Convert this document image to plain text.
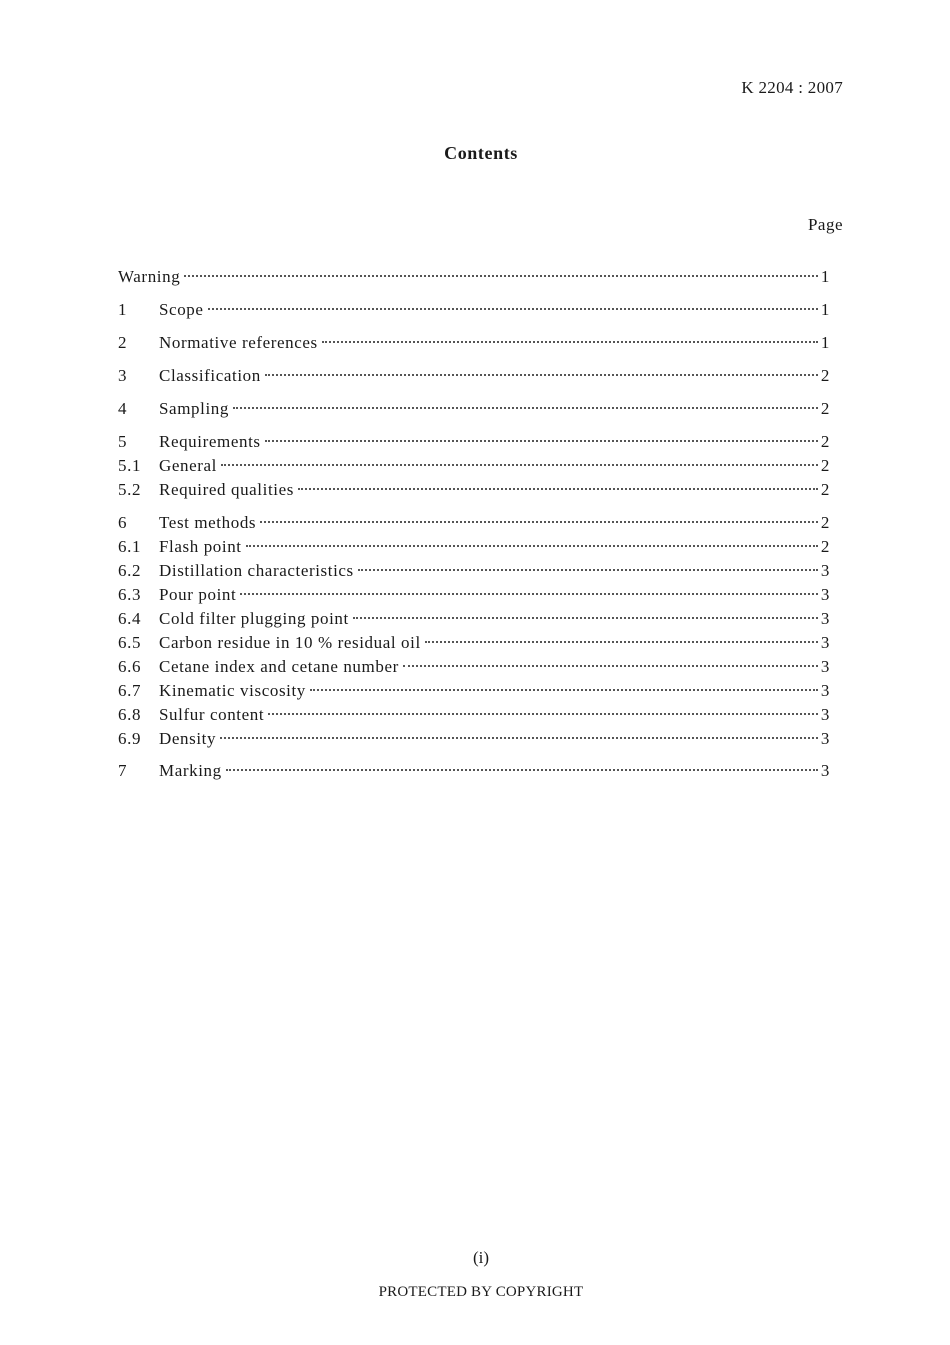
K 2204 : 2007
Contents
Page
Warning	1
1	Scope	1
2	Normative references	1
3	Classification	2
4	Sampling	2
5	Requirements	2
5.1	General	2
5.2	Required qualities	2
6	Test methods	2
6.1	Flash point	2
6.2	Distillation characteristics	3
6.3	Pour point	3
6.4	Cold filter plugging point	3
6.5	Carbon residue in 10 % residual oil	3
6.6	Cetane index and cetane number	3
6.7	Kinematic viscosity	3
6.8	Sulfur content	3
6.9	Density	3
7	Marking	3
(i)
PROTECTED BY COPYRIGHT
